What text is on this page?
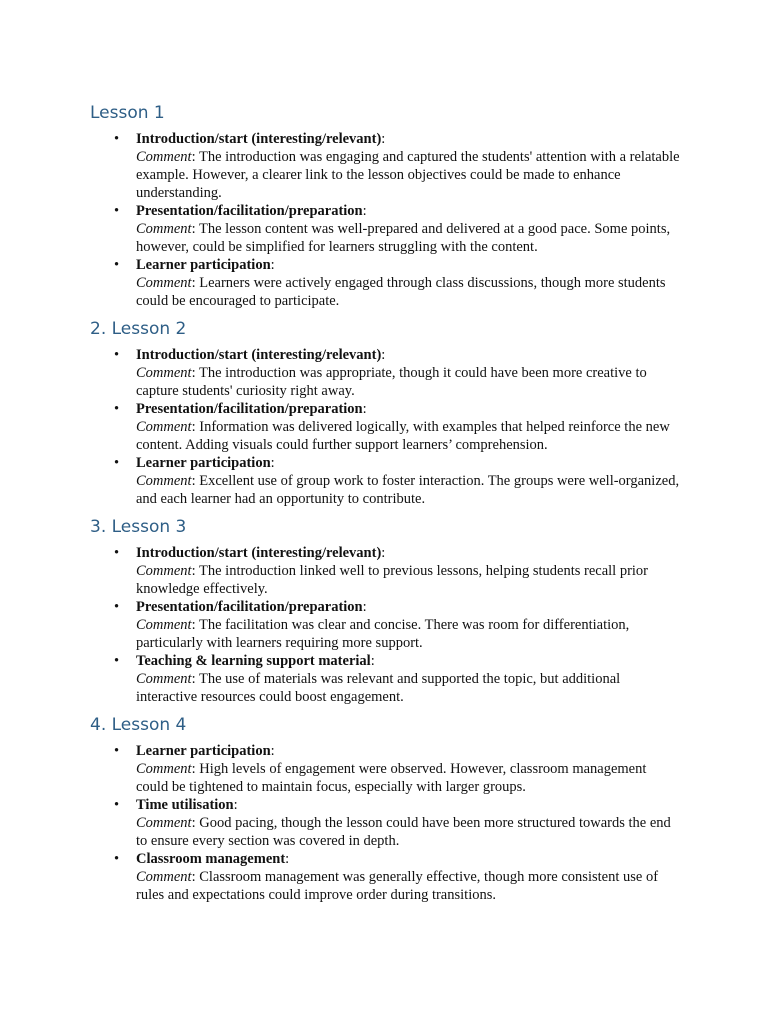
Lesson 1
• Introduction/start (interesting/relevant):
Comment: The introduction was engaging and captured the students' attention with a relatable example. However, a clearer link to the lesson objectives could be made to enhance understanding.
• Presentation/facilitation/preparation:
Comment: The lesson content was well-prepared and delivered at a good pace. Some points, however, could be simplified for learners struggling with the content.
• Learner participation:
Comment: Learners were actively engaged through class discussions, though more students could be encouraged to participate.
2. Lesson 2
• Introduction/start (interesting/relevant):
Comment: The introduction was appropriate, though it could have been more creative to capture students' curiosity right away.
• Presentation/facilitation/preparation:
Comment: Information was delivered logically, with examples that helped reinforce the new content. Adding visuals could further support learners’ comprehension.
• Learner participation:
Comment: Excellent use of group work to foster interaction. The groups were well-organized, and each learner had an opportunity to contribute.
3. Lesson 3
• Introduction/start (interesting/relevant):
Comment: The introduction linked well to previous lessons, helping students recall prior knowledge effectively.
• Presentation/facilitation/preparation:
Comment: The facilitation was clear and concise. There was room for differentiation, particularly with learners requiring more support.
• Teaching & learning support material:
Comment: The use of materials was relevant and supported the topic, but additional interactive resources could boost engagement.
4. Lesson 4
• Learner participation:
Comment: High levels of engagement were observed. However, classroom management could be tightened to maintain focus, especially with larger groups.
• Time utilisation:
Comment: Good pacing, though the lesson could have been more structured towards the end to ensure every section was covered in depth.
• Classroom management:
Comment: Classroom management was generally effective, though more consistent use of rules and expectations could improve order during transitions.
